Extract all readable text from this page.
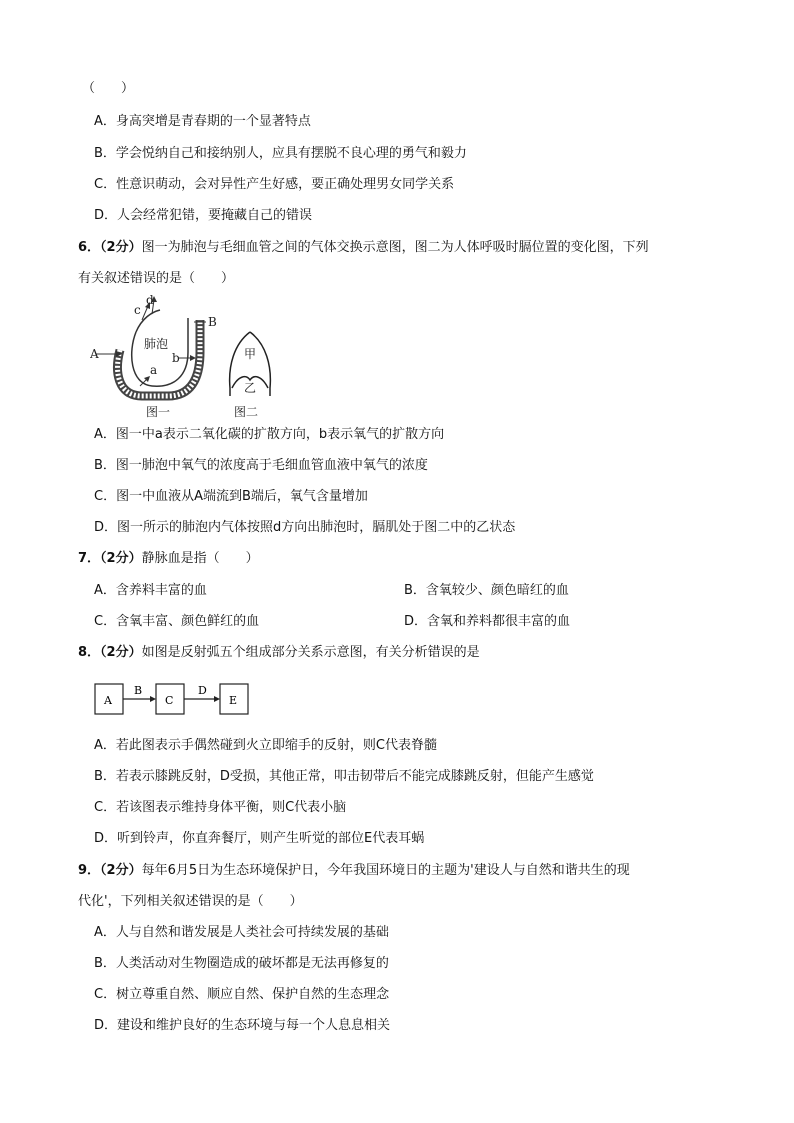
（　　）
A．身高突增是青春期的一个显著特点
B．学会悦纳自己和接纳别人，应具有摆脱不良心理的勇气和毅力
C．性意识萌动，会对异性产生好感，要正确处理男女同学关系
D．人会经常犯错，要掩藏自己的错误
6．（2分）图一为肺泡与毛细血管之间的气体交换示意图，图二为人体呼吸时膈位置的变化图，下列
有关叙述错误的是（　　）
A
B
c
d
a
b
肺泡
图一
甲
乙
图二
A．图一中a表示二氧化碳的扩散方向，b表示氧气的扩散方向
B．图一肺泡中氧气的浓度高于毛细血管血液中氧气的浓度
C．图一中血液从A端流到B端后，氧气含量增加
D．图一所示的肺泡内气体按照d方向出肺泡时，膈肌处于图二中的乙状态
7．（2分）静脉血是指（　　）
A．含养料丰富的血	B．含氧较少、颜色暗红的血
C．含氧丰富、颜色鲜红的血	D．含氧和养料都很丰富的血
8．（2分）如图是反射弧五个组成部分关系示意图，有关分析错误的是
A	C	E
B	D
A．若此图表示手偶然碰到火立即缩手的反射，则C代表脊髓
B．若表示膝跳反射，D受损，其他正常，叩击韧带后不能完成膝跳反射，但能产生感觉
C．若该图表示维持身体平衡，则C代表小脑
D．听到铃声，你直奔餐厅，则产生听觉的部位E代表耳蜗
9．（2分）每年6月5日为生态环境保护日，今年我国环境日的主题为'建设人与自然和谐共生的现
代化'，下列相关叙述错误的是（　　）
A．人与自然和谐发展是人类社会可持续发展的基础
B．人类活动对生物圈造成的破坏都是无法再修复的
C．树立尊重自然、顺应自然、保护自然的生态理念
D．建设和维护良好的生态环境与每一个人息息相关
